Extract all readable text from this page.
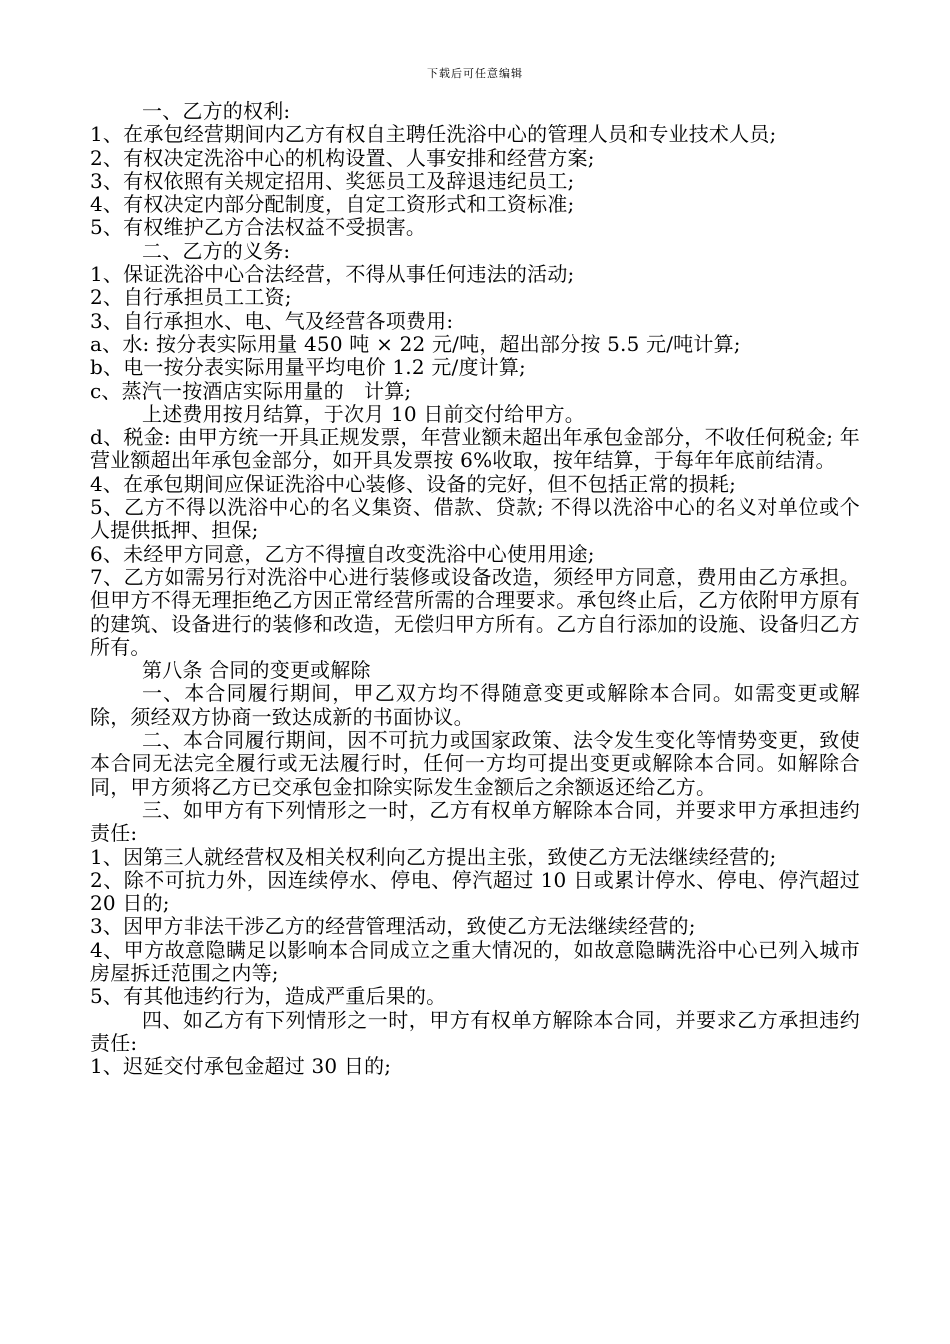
下载后可任意编辑

一、乙方的权利:

1、在承包经营期间内乙方有权自主聘任洗浴中心的管理人员和专业技术人员;

2、有权决定洗浴中心的机构设置、人事安排和经营方案;

3、有权依照有关规定招用、奖惩员工及辞退违纪员工;

4、有权决定内部分配制度，自定工资形式和工资标准;

5、有权维护乙方合法权益不受损害。

二、乙方的义务:

1、保证洗浴中心合法经营，不得从事任何违法的活动;

2、自行承担员工工资;

3、自行承担水、电、气及经营各项费用:

a、水: 按分表实际用量 450 吨 × 22 元/吨，超出部分按 5.5 元/吨计算;

b、电一按分表实际用量平均电价 1.2 元/度计算;

c、蒸汽一按酒店实际用量的　计算;

上述费用按月结算，于次月 10 日前交付给甲方。

d、税金: 由甲方统一开具正规发票，年营业额未超出年承包金部分，不收任何税金; 年营业额超出年承包金部分，如开具发票按 6%收取，按年结算，于每年年底前结清。

4、在承包期间应保证洗浴中心装修、设备的完好，但不包括正常的损耗;

5、乙方不得以洗浴中心的名义集资、借款、贷款; 不得以洗浴中心的名义对单位或个人提供抵押、担保;

6、未经甲方同意，乙方不得擅自改变洗浴中心使用用途;

7、乙方如需另行对洗浴中心进行装修或设备改造，须经甲方同意，费用由乙方承担。但甲方不得无理拒绝乙方因正常经营所需的合理要求。承包终止后，乙方依附甲方原有的建筑、设备进行的装修和改造，无偿归甲方所有。乙方自行添加的设施、设备归乙方所有。

第八条 合同的变更或解除

一、本合同履行期间，甲乙双方均不得随意变更或解除本合同。如需变更或解除，须经双方协商一致达成新的书面协议。

二、本合同履行期间，因不可抗力或国家政策、法令发生变化等情势变更，致使本合同无法完全履行或无法履行时，任何一方均可提出变更或解除本合同。如解除合同，甲方须将乙方已交承包金扣除实际发生金额后之余额返还给乙方。

三、如甲方有下列情形之一时，乙方有权单方解除本合同，并要求甲方承担违约责任:

1、因第三人就经营权及相关权利向乙方提出主张，致使乙方无法继续经营的;

2、除不可抗力外，因连续停水、停电、停汽超过 10 日或累计停水、停电、停汽超过 20 日的;

3、因甲方非法干涉乙方的经营管理活动，致使乙方无法继续经营的;

4、甲方故意隐瞒足以影响本合同成立之重大情况的，如故意隐瞒洗浴中心已列入城市房屋拆迁范围之内等;

5、有其他违约行为，造成严重后果的。

四、如乙方有下列情形之一时，甲方有权单方解除本合同，并要求乙方承担违约责任:

1、迟延交付承包金超过 30 日的;
